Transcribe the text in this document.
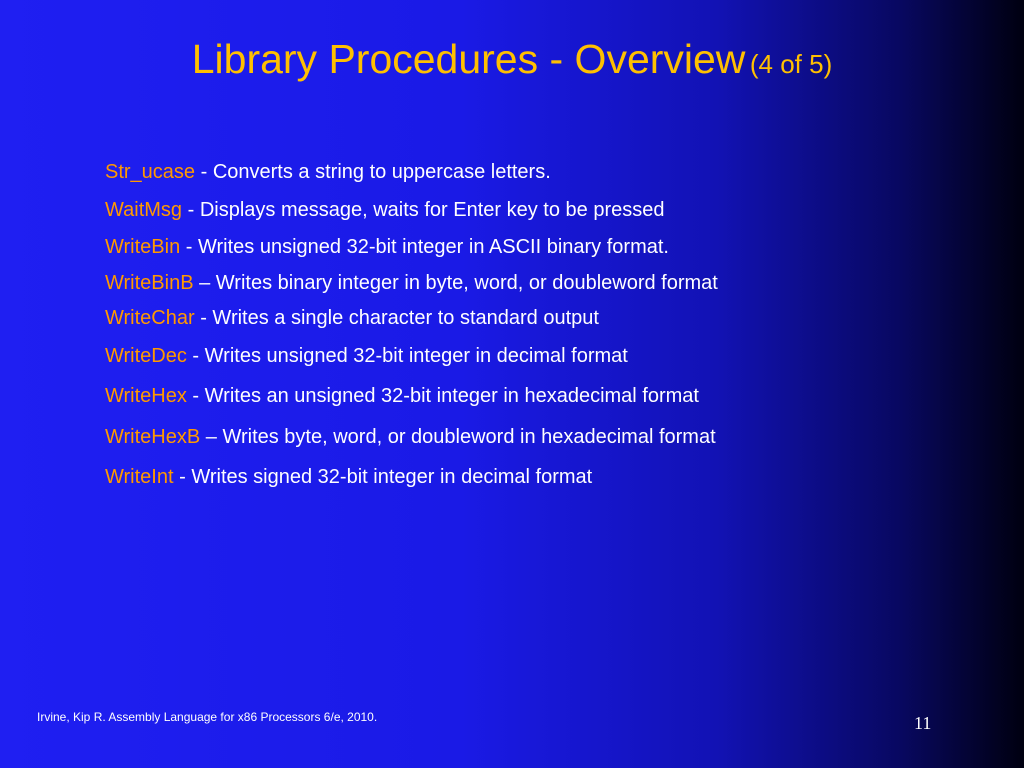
Library Procedures - Overview (4 of 5)
Str_ucase - Converts a string to uppercase letters.
WaitMsg - Displays message, waits for Enter key to be pressed
WriteBin - Writes unsigned 32-bit integer in ASCII binary format.
WriteBinB – Writes binary integer in byte, word, or doubleword format
WriteChar - Writes a single character to standard output
WriteDec - Writes unsigned 32-bit integer in decimal format
WriteHex - Writes an unsigned 32-bit integer in hexadecimal format
WriteHexB – Writes byte, word, or doubleword in hexadecimal format
WriteInt - Writes signed 32-bit integer in decimal format
Irvine, Kip R. Assembly Language for x86 Processors 6/e, 2010.	11
